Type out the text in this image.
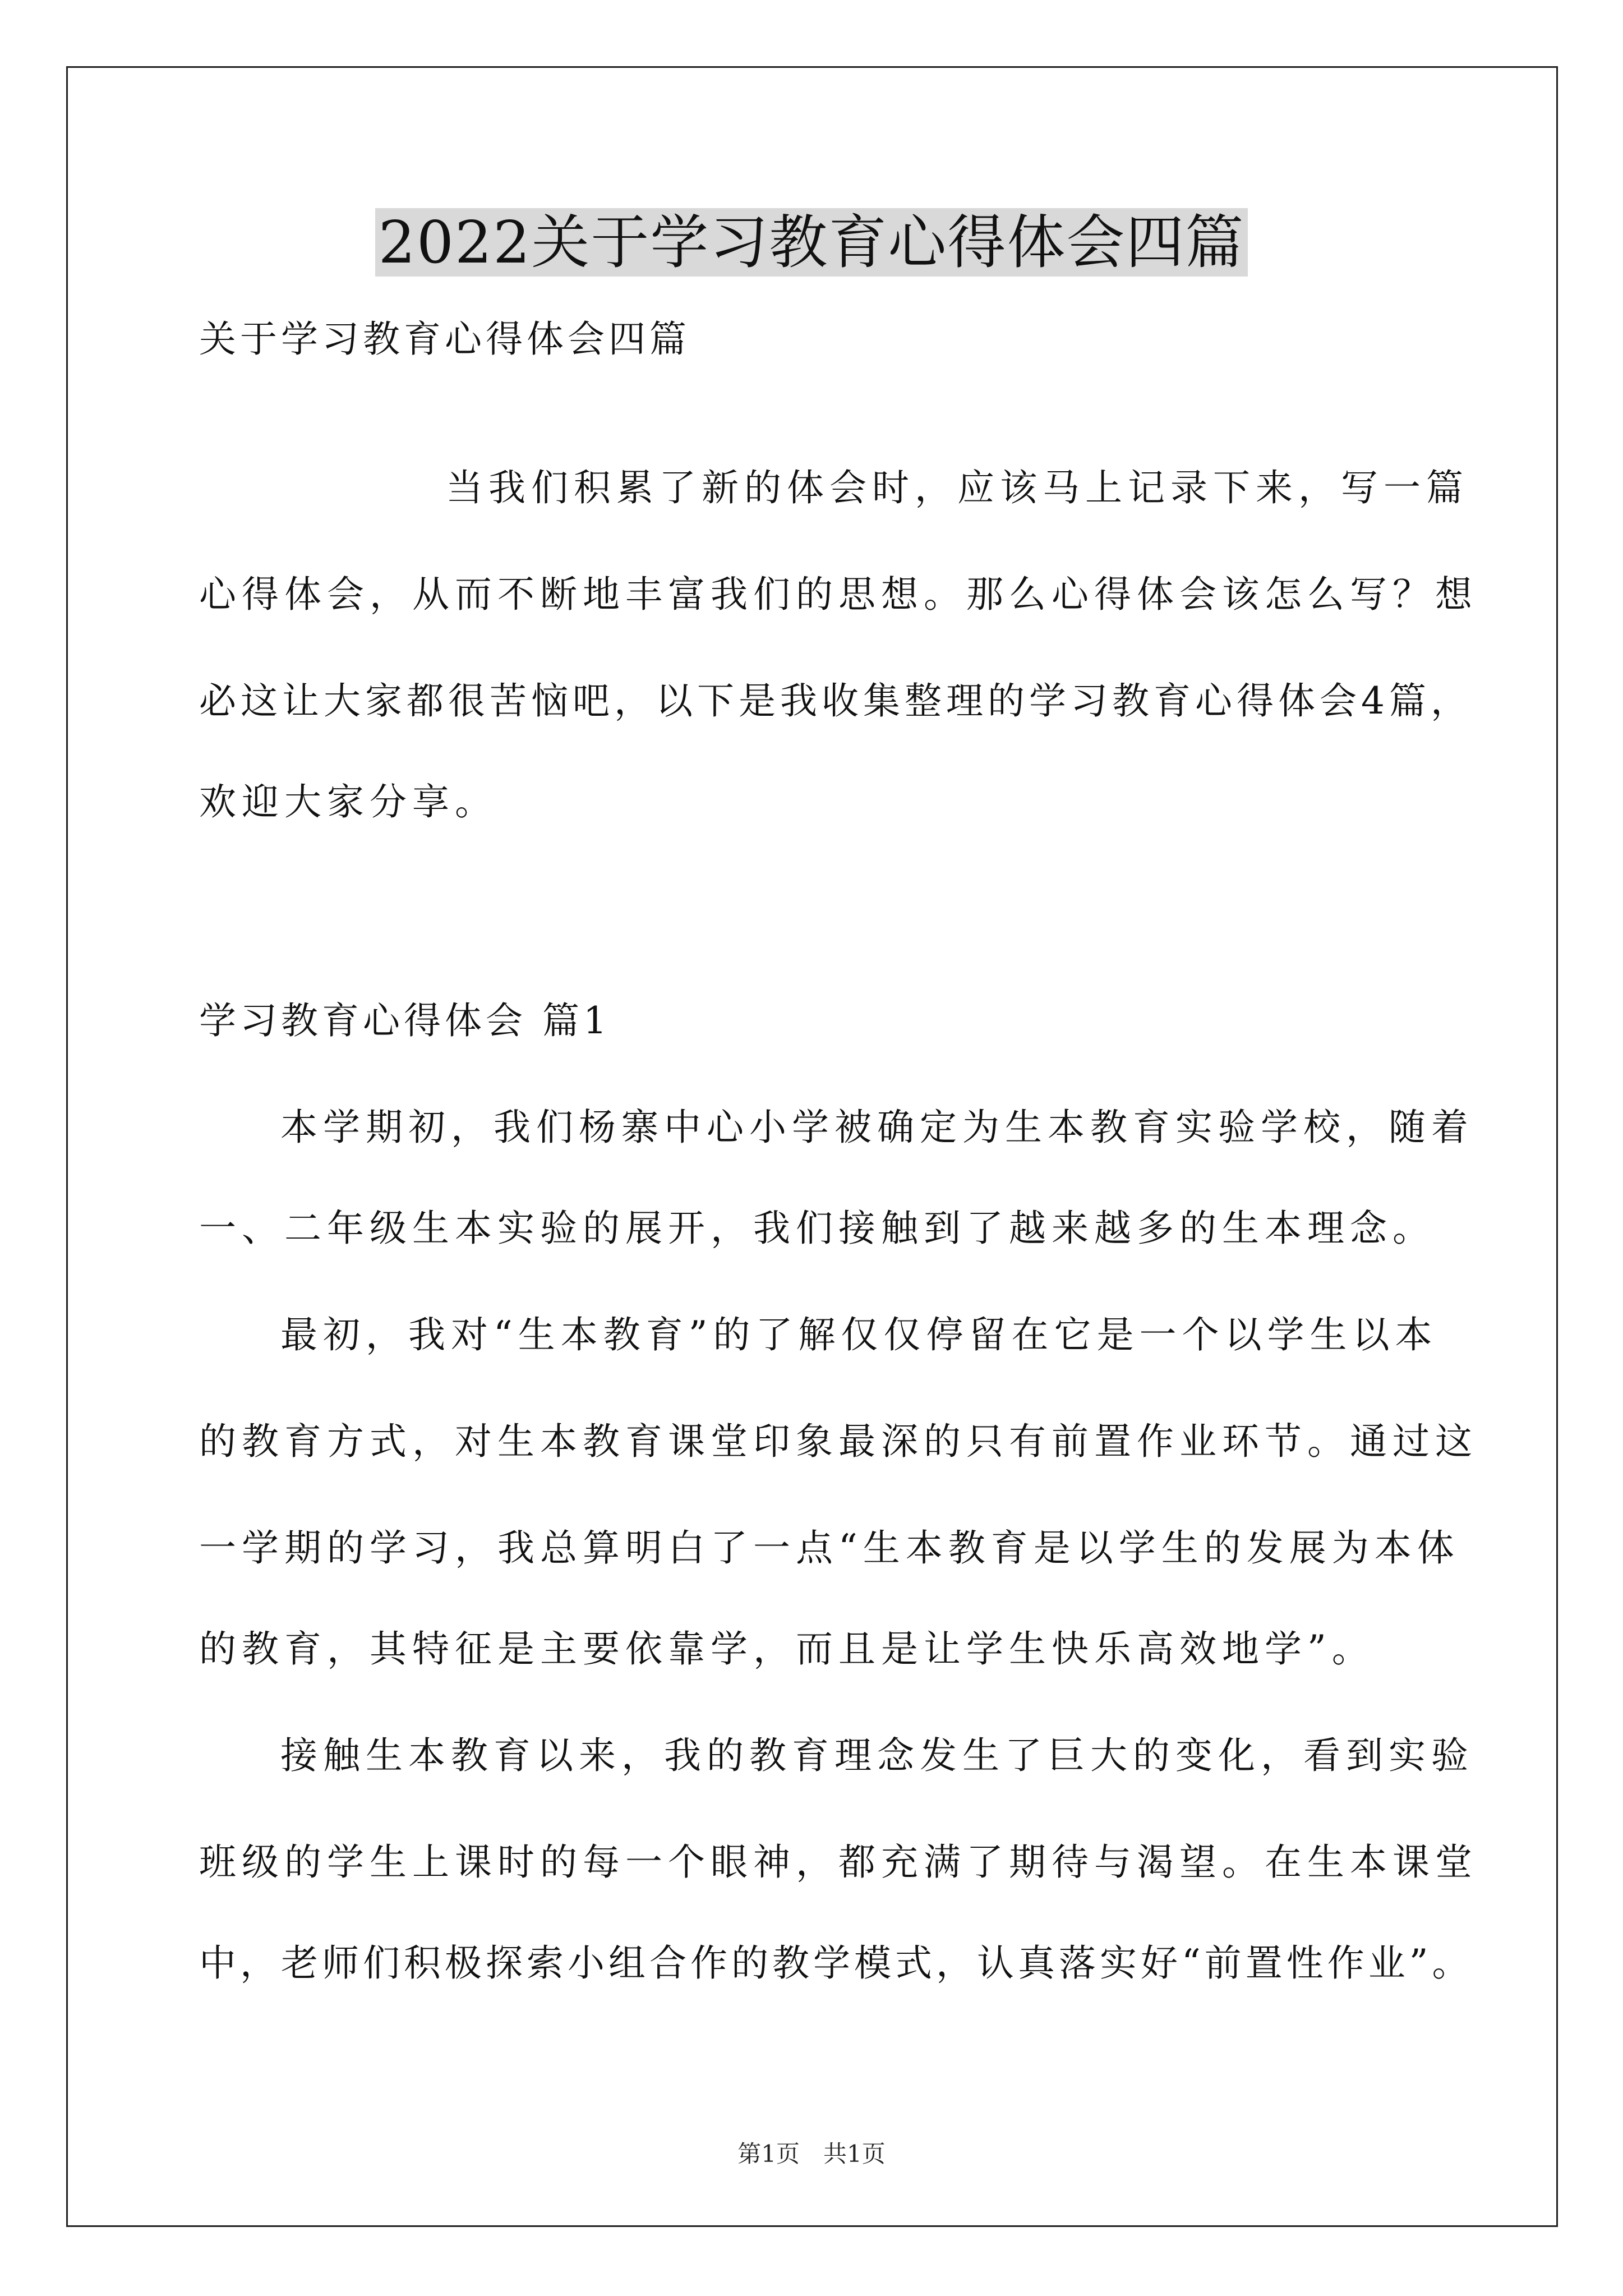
2022关于学习教育心得体会四篇

关于学习教育心得体会四篇

当我们积累了新的体会时，应该马上记录下来，写一篇

心得体会，从而不断地丰富我们的思想。那么心得体会该怎么写？想

必这让大家都很苦恼吧，以下是我收集整理的学习教育心得体会4篇，

欢迎大家分享。

学习教育心得体会 篇1

本学期初，我们杨寨中心小学被确定为生本教育实验学校，随着

一、二年级生本实验的展开，我们接触到了越来越多的生本理念。

最初，我对“生本教育”的了解仅仅停留在它是一个以学生以本

的教育方式，对生本教育课堂印象最深的只有前置作业环节。通过这

一学期的学习，我总算明白了一点“生本教育是以学生的发展为本体

的教育，其特征是主要依靠学，而且是让学生快乐高效地学”。

接触生本教育以来，我的教育理念发生了巨大的变化，看到实验

班级的学生上课时的每一个眼神，都充满了期待与渴望。在生本课堂

中，老师们积极探索小组合作的教学模式，认真落实好“前置性作业”。

第1页　共1页
